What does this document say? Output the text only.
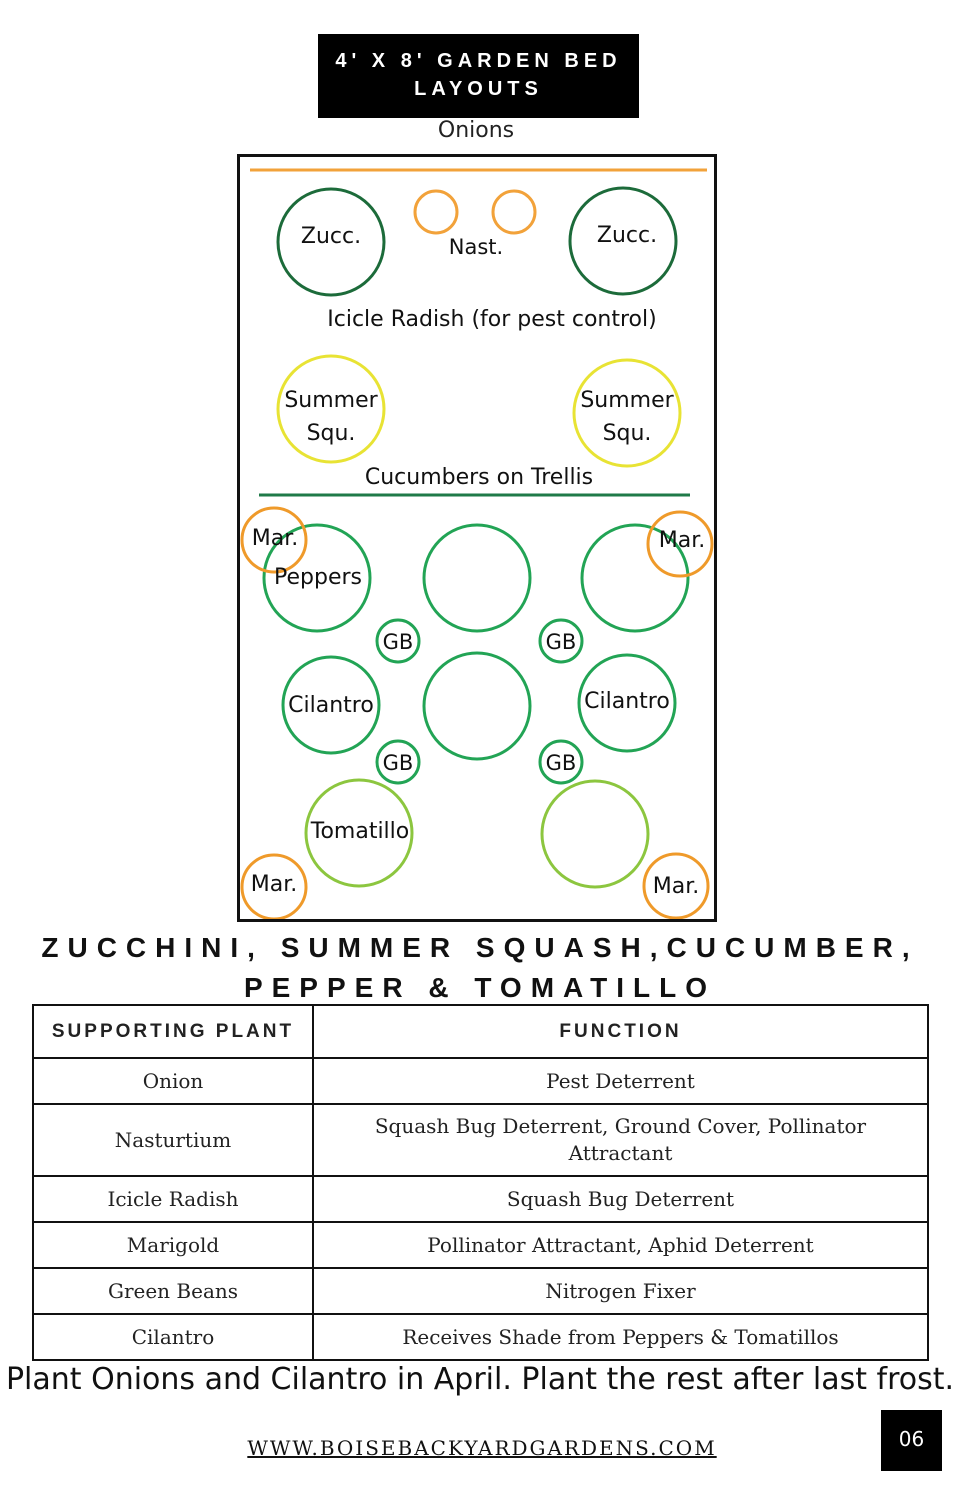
4' X 8' GARDEN BED LAYOUTS
Onions
Zucc.	Zucc.
Nast.
Icicle Radish (for pest control)
Summer
Squ.
Summer
Squ.
Cucumbers on Trellis
Mar.	Mar.
Peppers
GB	GB
Cilantro	Cilantro
GB	GB
Tomatillo
Mar.	Mar.
ZUCCHINI, SUMMER SQUASH,CUCUMBER, PEPPER & TOMATILLO
SUPPORTING PLANT	FUNCTION
Onion	Pest Deterrent
Nasturtium	Squash Bug Deterrent, Ground Cover, Pollinator Attractant
Icicle Radish	Squash Bug Deterrent
Marigold	Pollinator Attractant, Aphid Deterrent
Green Beans	Nitrogen Fixer
Cilantro	Receives Shade from Peppers & Tomatillos
Plant Onions and Cilantro in April. Plant the rest after last frost.
WWW.BOISEBACKYARDGARDENS.COM	06
